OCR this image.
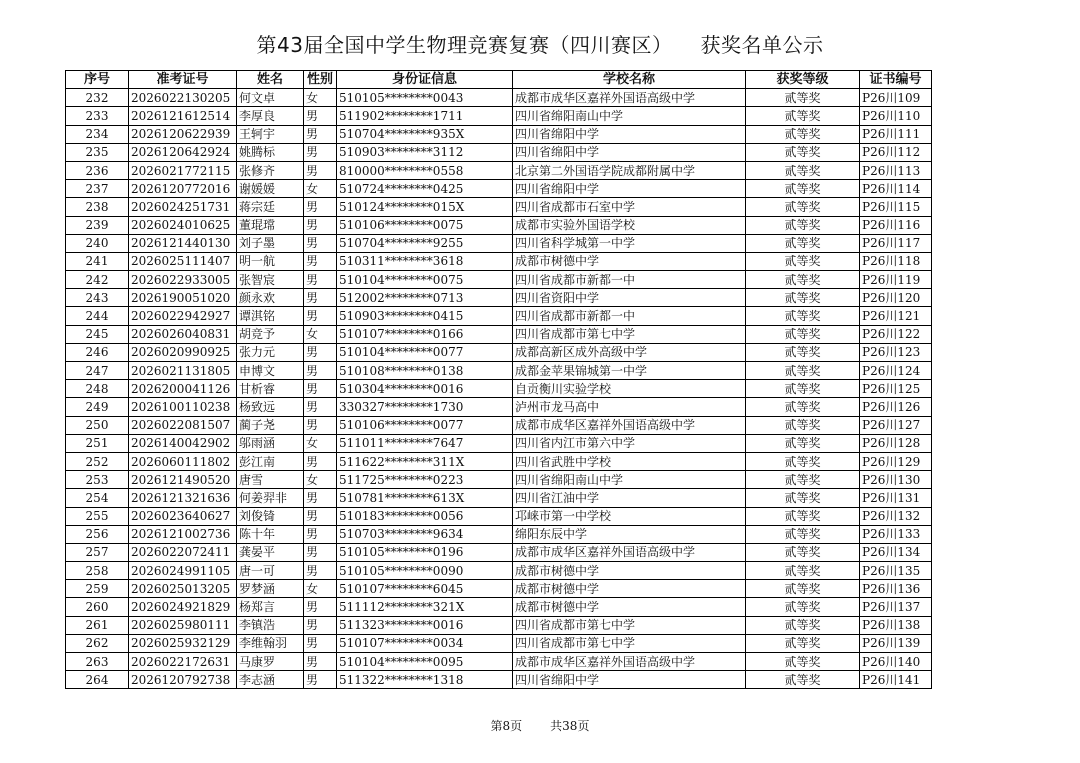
第43届全国中学生物理竞赛复赛（四川赛区） 获奖名单公示
序号	准考证号	姓名	性别	身份证信息	学校名称	获奖等级	证书编号
232	2026022130205	何文卓	女	510105********0043	成都市成华区嘉祥外国语高级中学	贰等奖	P26川109
233	2026121612514	李厚良	男	511902********1711	四川省绵阳南山中学	贰等奖	P26川110
234	2026120622939	王轲宇	男	510704********935X	四川省绵阳中学	贰等奖	P26川111
235	2026120642924	姚腾标	男	510903********3112	四川省绵阳中学	贰等奖	P26川112
236	2026021772115	张修齐	男	810000********0558	北京第二外国语学院成都附属中学	贰等奖	P26川113
237	2026120772016	谢媛媛	女	510724********0425	四川省绵阳中学	贰等奖	P26川114
238	2026024251731	蒋宗廷	男	510124********015X	四川省成都市石室中学	贰等奖	P26川115
239	2026024010625	董琨瑺	男	510106********0075	成都市实验外国语学校	贰等奖	P26川116
240	2026121440130	刘子墨	男	510704********9255	四川省科学城第一中学	贰等奖	P26川117
241	2026025111407	明一航	男	510311********3618	成都市树德中学	贰等奖	P26川118
242	2026022933005	张智宸	男	510104********0075	四川省成都市新都一中	贰等奖	P26川119
243	2026190051020	颜永欢	男	512002********0713	四川省资阳中学	贰等奖	P26川120
244	2026022942927	谭淇铭	男	510903********0415	四川省成都市新都一中	贰等奖	P26川121
245	2026026040831	胡竞予	女	510107********0166	四川省成都市第七中学	贰等奖	P26川122
246	2026020990925	张力元	男	510104********0077	成都高新区成外高级中学	贰等奖	P26川123
247	2026021131805	申博文	男	510108********0138	成都金苹果锦城第一中学	贰等奖	P26川124
248	2026200041126	甘析睿	男	510304********0016	自贡衡川实验学校	贰等奖	P26川125
249	2026100110238	杨致远	男	330327********1730	泸州市龙马高中	贰等奖	P26川126
250	2026022081507	蔺子尧	男	510106********0077	成都市成华区嘉祥外国语高级中学	贰等奖	P26川127
251	2026140042902	邬雨涵	女	511011********7647	四川省内江市第六中学	贰等奖	P26川128
252	2026060111802	彭江南	男	511622********311X	四川省武胜中学校	贰等奖	P26川129
253	2026121490520	唐雪	女	511725********0223	四川省绵阳南山中学	贰等奖	P26川130
254	2026121321636	何姜羿非	男	510781********613X	四川省江油中学	贰等奖	P26川131
255	2026023640627	刘俊锜	男	510183********0056	邛崃市第一中学校	贰等奖	P26川132
256	2026121002736	陈十年	男	510703********9634	绵阳东辰中学	贰等奖	P26川133
257	2026022072411	龚晏平	男	510105********0196	成都市成华区嘉祥外国语高级中学	贰等奖	P26川134
258	2026024991105	唐一可	男	510105********0090	成都市树德中学	贰等奖	P26川135
259	2026025013205	罗梦涵	女	510107********6045	成都市树德中学	贰等奖	P26川136
260	2026024921829	杨郑言	男	511112********321X	成都市树德中学	贰等奖	P26川137
261	2026025980111	李镇浩	男	511323********0016	四川省成都市第七中学	贰等奖	P26川138
262	2026025932129	李维翰羽	男	510107********0034	四川省成都市第七中学	贰等奖	P26川139
263	2026022172631	马康罗	男	510104********0095	成都市成华区嘉祥外国语高级中学	贰等奖	P26川140
264	2026120792738	李志涵	男	511322********1318	四川省绵阳中学	贰等奖	P26川141
第8页 共38页
